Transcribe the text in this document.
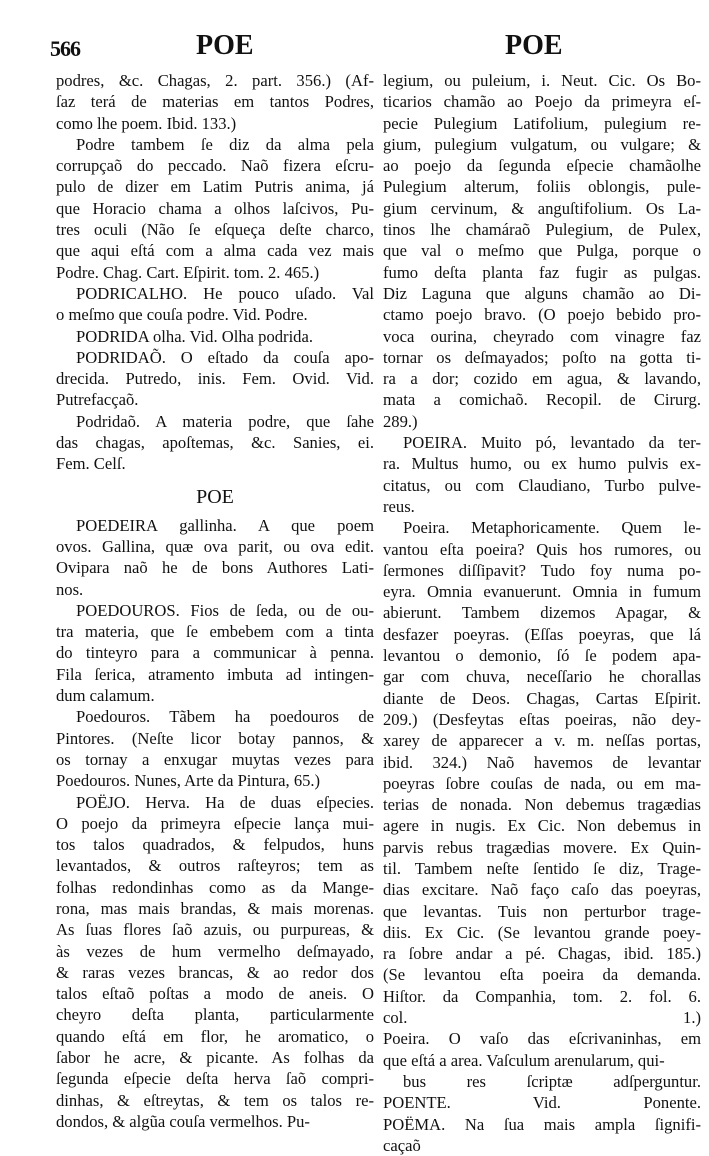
566	POE	POE
podres, &c. Chagas, 2. part. 356.) (Af-
ſaz terá de materias em tantos Podres,
como lhe poem. Ibid. 133.)
Podre tambem ſe diz da alma pela
corrupçaõ do peccado. Naõ fizera eſcru-
pulo de dizer em Latim Putris anima, já
que Horacio chama a olhos laſcivos, Pu-
tres oculi (Não ſe eſqueça deſte charco,
que aqui eſtá com a alma cada vez mais
Podre. Chag. Cart. Eſpirit. tom. 2. 465.)
PODRICALHO. He pouco uſado. Val
o meſmo que couſa podre. Vid. Podre.
PODRIDA olha. Vid. Olha podrida.
PODRIDAÕ. O eſtado da couſa apo-
drecida. Putredo, inis. Fem. Ovid. Vid.
Putrefacçaõ.
Podridaõ. A materia podre, que ſahe
das chagas, apoſtemas, &c. Sanies, ei.
Fem. Celſ.
POE
POEDEIRA gallinha. A que poem
ovos. Gallina, quæ ova parit, ou ova edit.
Ovipara naõ he de bons Authores Lati-
nos.
POEDOUROS. Fios de ſeda, ou de ou-
tra materia, que ſe embebem com a tinta
do tinteyro para a communicar à penna.
Fila ſerica, atramento imbuta ad intingen-
dum calamum.
Poedouros. Tãbem ha poedouros de
Pintores. (Neſte licor botay pannos, &
os tornay a enxugar muytas vezes para
Poedouros. Nunes, Arte da Pintura, 65.)
POËJO. Herva. Ha de duas eſpecies.
O poejo da primeyra eſpecie lança mui-
tos talos quadrados, & felpudos, huns
levantados, & outros raſteyros; tem as
folhas redondinhas como as da Mange-
rona, mas mais brandas, & mais morenas.
As ſuas flores ſaõ azuis, ou purpureas, &
às vezes de hum vermelho deſmayado,
& raras vezes brancas, & ao redor dos
talos eſtaõ poſtas a modo de aneis. O
cheyro deſta planta, particularmente
quando eſtá em flor, he aromatico, o
ſabor he acre, & picante. As folhas da
ſegunda eſpecie deſta herva ſaõ compri-
dinhas, & eſtreytas, & tem os talos re-
dondos, & algũa couſa vermelhos. Pu-
legium, ou puleium, i. Neut. Cic. Os Bo-
ticarios chamão ao Poejo da primeyra eſ-
pecie Pulegium Latifolium, pulegium re-
gium, pulegium vulgatum, ou vulgare; &
ao poejo da ſegunda eſpecie chamãolhe
Pulegium alterum, foliis oblongis, pule-
gium cervinum, & anguſtifolium. Os La-
tinos lhe chamáraõ Pulegium, de Pulex,
que val o meſmo que Pulga, porque o
fumo deſta planta faz fugir as pulgas.
Diz Laguna que alguns chamão ao Di-
ctamo poejo bravo. (O poejo bebido pro-
voca ourina, cheyrado com vinagre faz
tornar os deſmayados; poſto na gotta ti-
ra a dor; cozido em agua, & lavando,
mata a comichaõ. Recopil. de Cirurg.
289.)
POEIRA. Muito pó, levantado da ter-
ra. Multus humo, ou ex humo pulvis ex-
citatus, ou com Claudiano, Turbo pulve-
reus.
Poeira. Metaphoricamente. Quem le-
vantou eſta poeira? Quis hos rumores, ou
ſermones diſſipavit? Tudo foy numa po-
eyra. Omnia evanuerunt. Omnia in fumum
abierunt. Tambem dizemos Apagar, &
desfazer poeyras. (Eſſas poeyras, que lá
levantou o demonio, ſó ſe podem apa-
gar com chuva, neceſſario he chorallas
diante de Deos. Chagas, Cartas Eſpirit.
209.) (Desfeytas eſtas poeiras, não dey-
xarey de apparecer a v. m. neſſas portas,
ibid. 324.) Naõ havemos de levantar
poeyras ſobre couſas de nada, ou em ma-
terias de nonada. Non debemus tragædias
agere in nugis. Ex Cic. Non debemus in
parvis rebus tragædias movere. Ex Quin-
til. Tambem neſte ſentido ſe diz, Trage-
dias excitare. Naõ faço caſo das poeyras,
que levantas. Tuis non perturbor trage-
diis. Ex Cic. (Se levantou grande poey-
ra ſobre andar a pé. Chagas, ibid. 185.)
(Se levantou eſta poeira da demanda.
Hiſtor. da Companhia, tom. 2. fol. 6.
col. 1.)
Poeira. O vaſo das eſcrivaninhas, em
que eſtá a area. Vaſculum arenularum, qui-
bus res ſcriptæ adſperguntur.
POENTE. Vid. Ponente.
POËMA. Na ſua mais ampla ſignifi-
caçaõ
